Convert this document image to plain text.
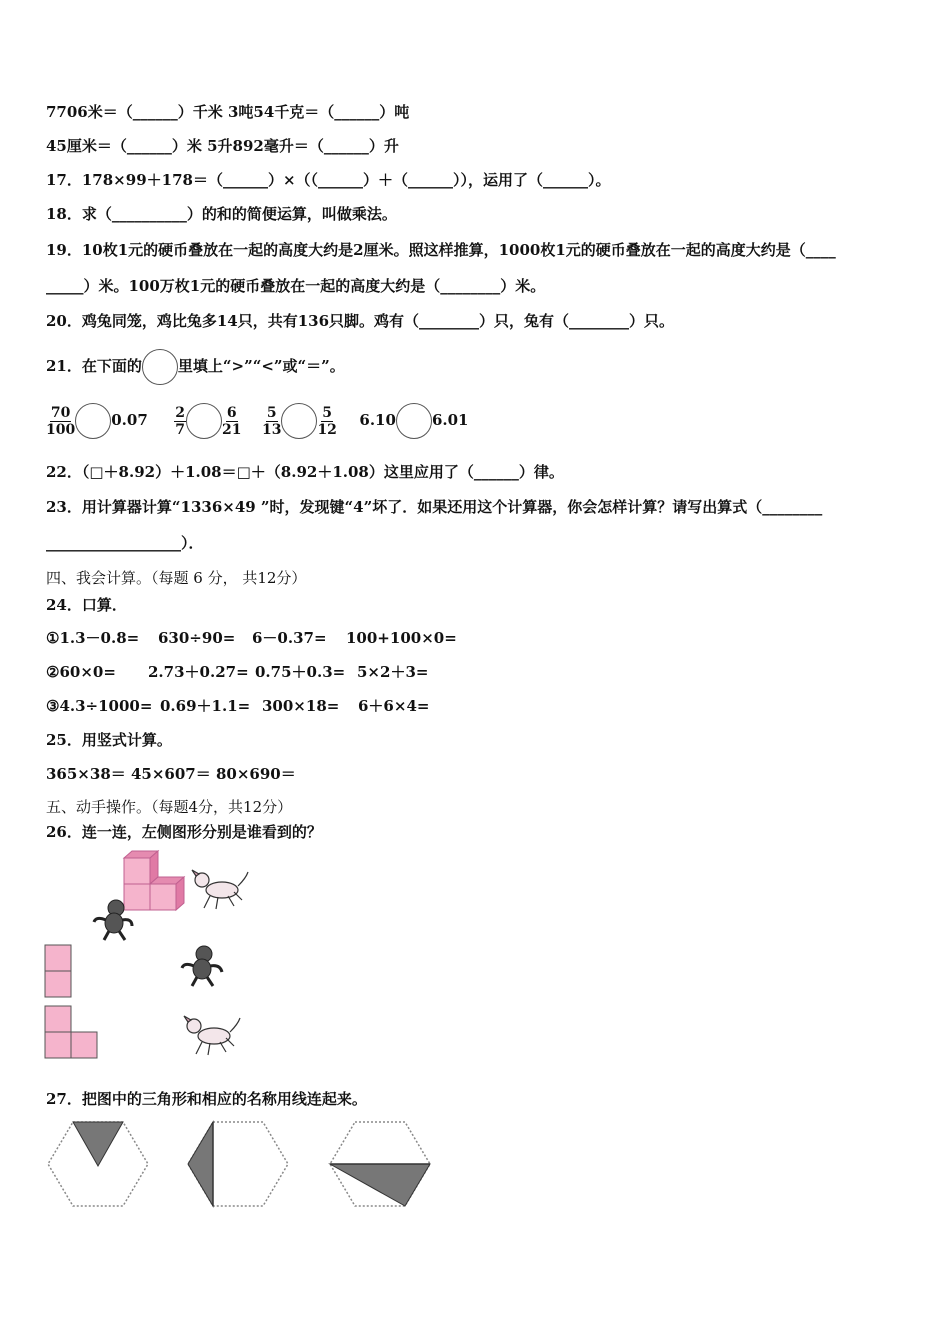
7706米＝（______）千米 3吨54千克＝（______）吨
45厘米＝（______）米 5升892毫升＝（______）升
17．178×99＋178＝（______）×（（______）＋（______）），运用了（______）。
18．求（__________）的和的简便运算，叫做乘法。
19．10枚1元的硬币叠放在一起的高度大约是2厘米。照这样推算，1000枚1元的硬币叠放在一起的高度大约是（____
_____）米。100万枚1元的硬币叠放在一起的高度大约是（________）米。
20．鸡兔同笼，鸡比兔多14只，共有136只脚。鸡有（________）只，兔有（________）只。
21．在下面的 里填上“>”“<”或“＝”。
$\frac{70}{100} 0.07 \frac{2}{7}$	$\frac{6}{21}$
$\frac{5}{13}$	$\frac{5}{12} 6.10$ 6.01
22．（□＋8.92）＋1.08＝□＋（8.92＋1.08）这里应用了（______）律。
23．用计算器计算“1336×49 ”时，发现键“4”坏了．如果还用这个计算器，你会怎样计算？请写出算式（________
__________________）．
四、我会计算。（每题 6 分， 共12分）
24．口算．
①1.3－0.8= 630÷90= 6－0.37= 100+100×0=
②60×0= 2.73＋0.27= 0.75＋0.3= 5×2＋3=
③4.3÷1000= 0.69＋1.1= 300×18= 6＋6×4=
25．用竖式计算。
365×38＝ 45×607＝ 80×690＝
五、动手操作。（每题4分，共12分）
26．连一连，左侧图形分别是谁看到的？
27．把图中的三角形和相应的名称用线连起来。
